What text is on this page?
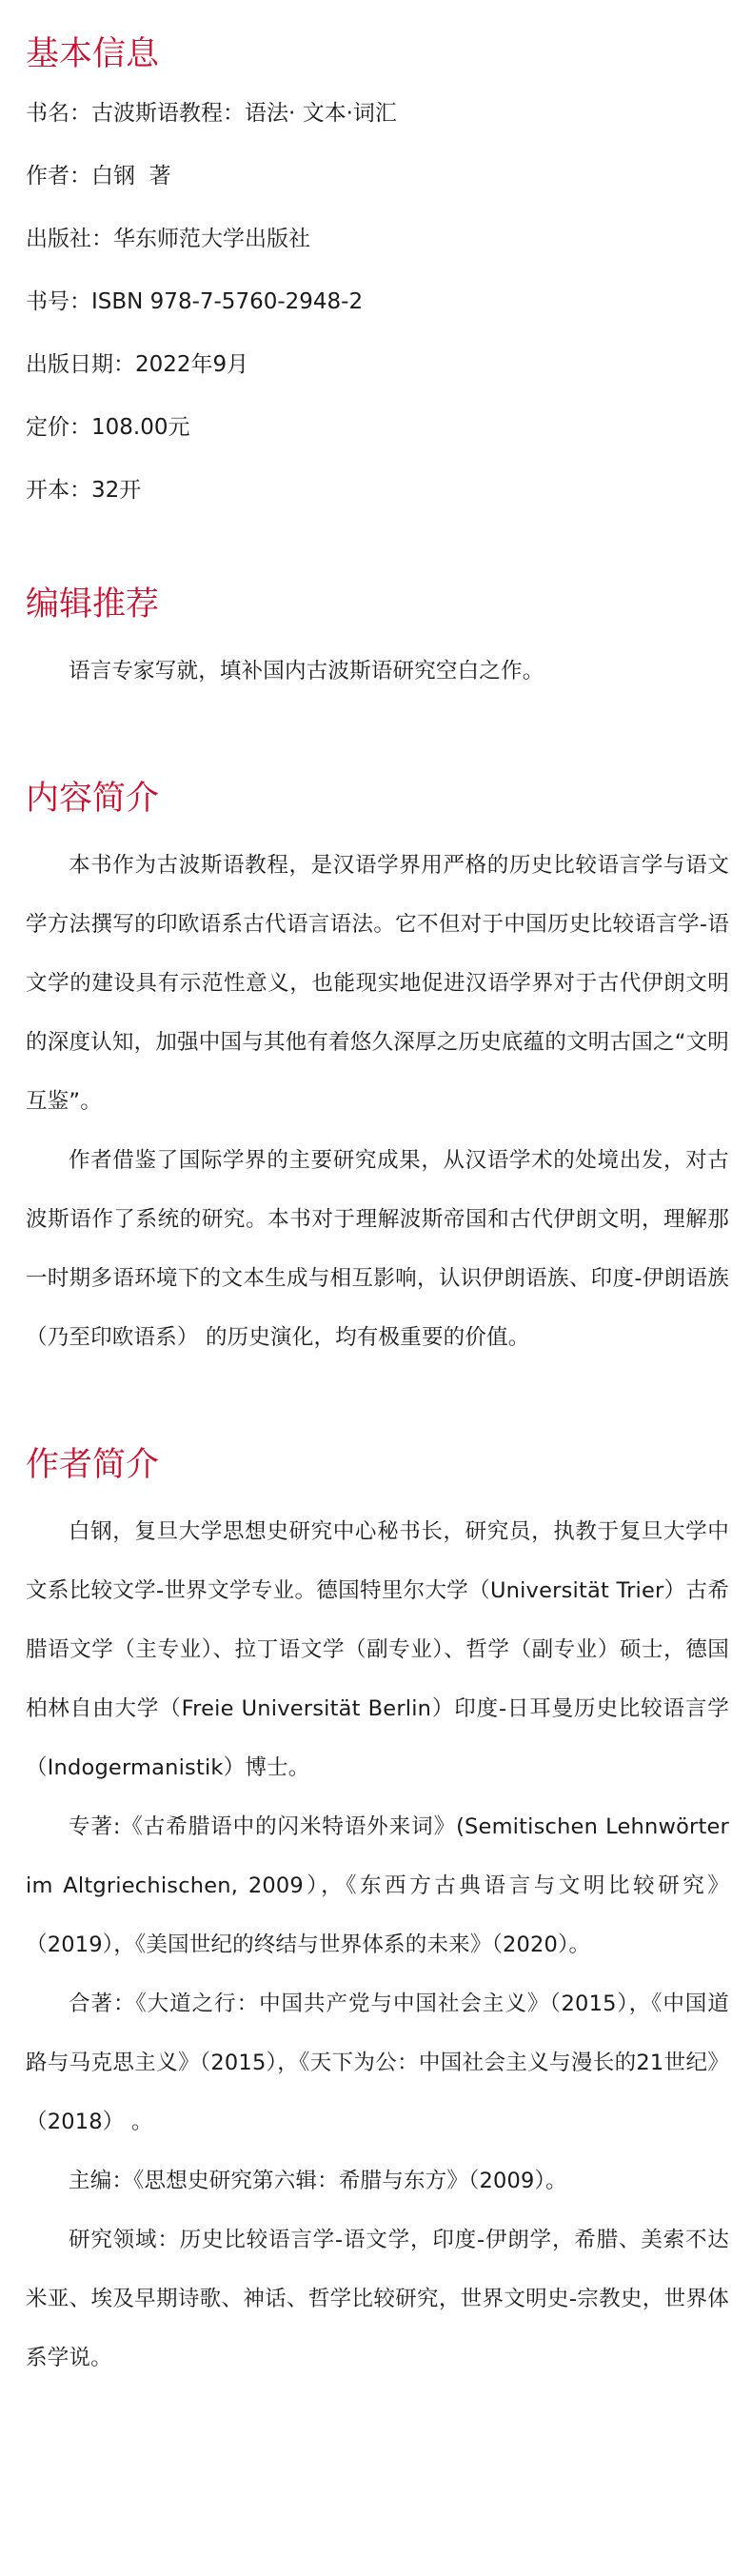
基本信息
书名： 古波斯语教程：语法· 文本·词汇
作者： 白钢  著
出版社： 华东师范大学出版社
书号： ISBN 978-7-5760-2948-2
出版日期： 2022年9月
定价： 108.00元
开本： 32开
编辑推荐

语言专家写就，填补国内古波斯语研究空白之作。

内容简介

本书作为古波斯语教程，是汉语学界用严格的历史比较语言学与语文学方法撰写的印欧语系古代语言语法。它不但对于中国历史比较语言学-语文学的建设具有示范性意义，也能现实地促进汉语学界对于古代伊朗文明的深度认知，加强中国与其他有着悠久深厚之历史底蕴的文明古国之“文明互鉴”。

作者借鉴了国际学界的主要研究成果，从汉语学术的处境出发，对古波斯语作了系统的研究。本书对于理解波斯帝国和古代伊朗文明，理解那一时期多语环境下的文本生成与相互影响，认识伊朗语族、印度-伊朗语族（乃至印欧语系） 的历史演化，均有极重要的价值。

作者简介

白钢，复旦大学思想史研究中心秘书长，研究员，执教于复旦大学中文系比较文学-世界文学专业。德国特里尔大学（Universität Trier）古希腊语文学（主专业）、拉丁语文学（副专业）、哲学（副专业）硕士，德国柏林自由大学（Freie Universität Berlin）印度-日耳曼历史比较语言学（Indogermanistik）博士。

专著:《古希腊语中的闪米特语外来词》(Semitischen Lehnwörter im Altgriechischen, 2009），《东西方古典语言与文明比较研究》（2019），《美国世纪的终结与世界体系的未来》（2020）。

合著：《大道之行：中国共产党与中国社会主义》（2015），《中国道路与马克思主义》（2015），《天下为公：中国社会主义与漫长的21世纪》（2018） 。

主编：《思想史研究第六辑：希腊与东方》（2009）。

研究领域：历史比较语言学-语文学，印度-伊朗学，希腊、美索不达米亚、埃及早期诗歌、神话、哲学比较研究，世界文明史-宗教史，世界体系学说。
